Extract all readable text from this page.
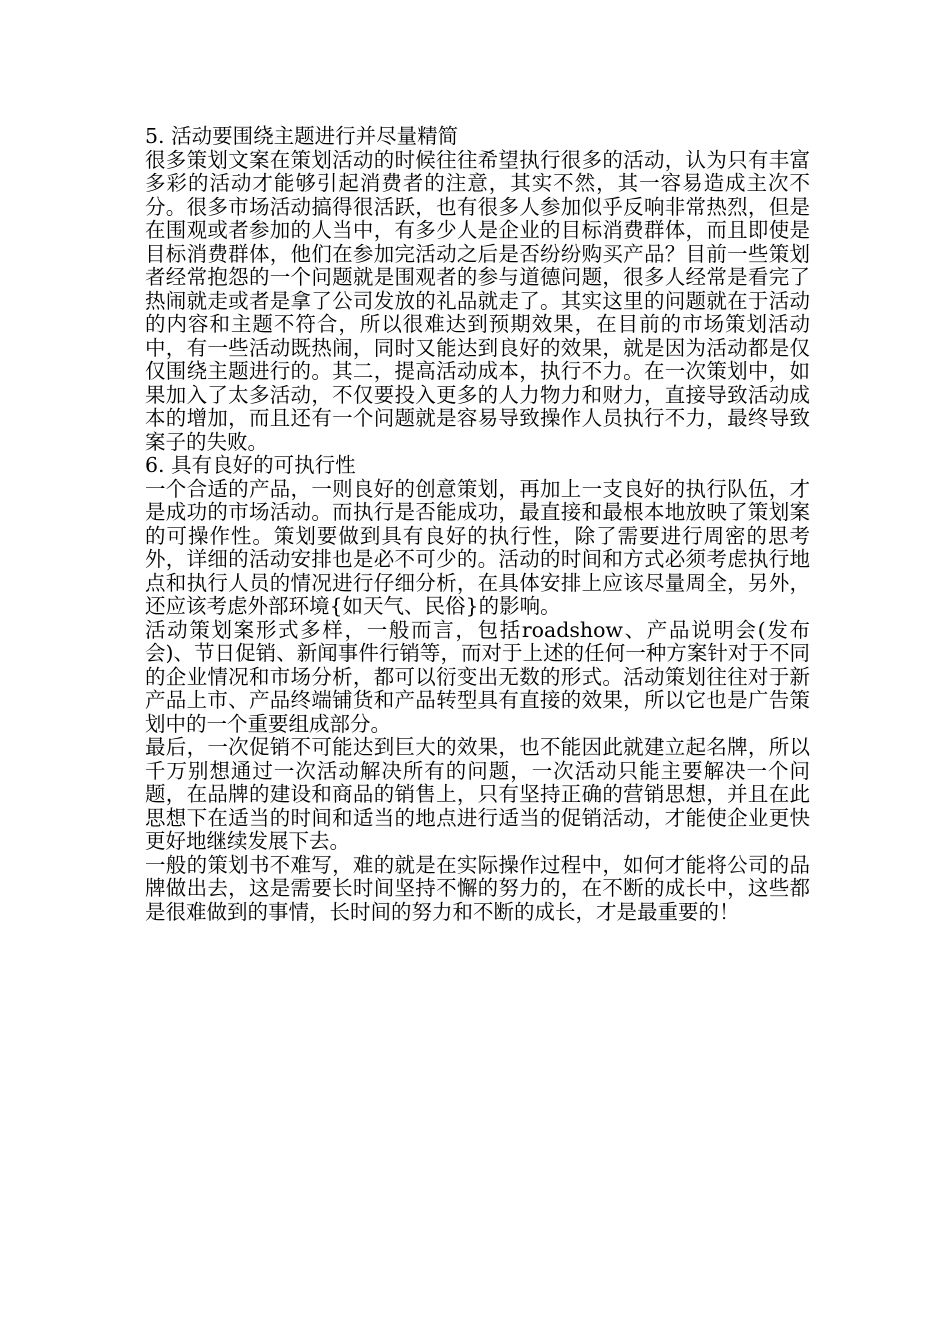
5. 活动要围绕主题进行并尽量精简

很多策划文案在策划活动的时候往往希望执行很多的活动，认为只有丰富多彩的活动才能够引起消费者的注意，其实不然，其一容易造成主次不分。很多市场活动搞得很活跃，也有很多人参加似乎反响非常热烈，但是在围观或者参加的人当中，有多少人是企业的目标消费群体，而且即使是目标消费群体，他们在参加完活动之后是否纷纷购买产品？目前一些策划者经常抱怨的一个问题就是围观者的参与道德问题，很多人经常是看完了热闹就走或者是拿了公司发放的礼品就走了。其实这里的问题就在于活动的内容和主题不符合，所以很难达到预期效果，在目前的市场策划活动中，有一些活动既热闹，同时又能达到良好的效果，就是因为活动都是仅仅围绕主题进行的。其二，提高活动成本，执行不力。在一次策划中，如果加入了太多活动，不仅要投入更多的人力物力和财力，直接导致活动成本的增加，而且还有一个问题就是容易导致操作人员执行不力，最终导致案子的失败。

6. 具有良好的可执行性

一个合适的产品，一则良好的创意策划，再加上一支良好的执行队伍，才是成功的市场活动。而执行是否能成功，最直接和最根本地放映了策划案的可操作性。策划要做到具有良好的执行性，除了需要进行周密的思考外，详细的活动安排也是必不可少的。活动的时间和方式必须考虑执行地点和执行人员的情况进行仔细分析，在具体安排上应该尽量周全，另外，还应该考虑外部环境{如天气、民俗}的影响。

活动策划案形式多样，一般而言，包括roadshow、产品说明会(发布会)、节日促销、新闻事件行销等，而对于上述的任何一种方案针对于不同的企业情况和市场分析，都可以衍变出无数的形式。活动策划往往对于新产品上市、产品终端铺货和产品转型具有直接的效果，所以它也是广告策划中的一个重要组成部分。

最后，一次促销不可能达到巨大的效果，也不能因此就建立起名牌，所以千万别想通过一次活动解决所有的问题，一次活动只能主要解决一个问题，在品牌的建设和商品的销售上，只有坚持正确的营销思想，并且在此思想下在适当的时间和适当的地点进行适当的促销活动，才能使企业更快更好地继续发展下去。

一般的策划书不难写，难的就是在实际操作过程中，如何才能将公司的品牌做出去，这是需要长时间坚持不懈的努力的，在不断的成长中，这些都是很难做到的事情，长时间的努力和不断的成长，才是最重要的！
